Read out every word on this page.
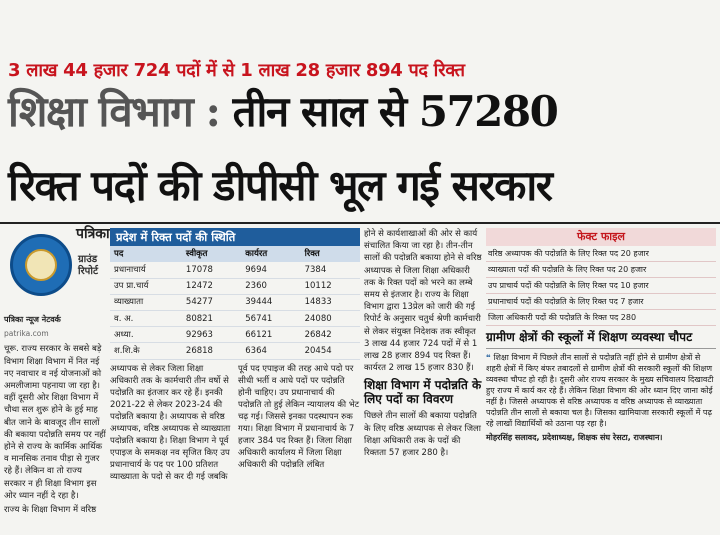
3 लाख 44 हजार 724 पदों में से 1 लाख 28 हजार 894 पद रिक्त
शिक्षा विभाग : तीन साल से 57280
रिक्त पदों की डीपीसी भूल गई सरकार
पत्रिका
ग्राउंड
रिपोर्ट
पत्रिका न्यूज नेटवर्क
patrika.com
चूरू. राज्य सरकार के सबसे बड़े विभाग शिक्षा विभाग में नित नई नए नवाचार व नई योजनाओं को अमलीजामा पहनाया जा रहा है। वहीं दूसरी ओर शिक्षा विभाग में चौथा सल शुरू होने के हुई माह बीत जाने के बावजूद तीन सालों की बकाया पदोन्नति समय पर नहीं होने से राज्य के कार्मिक आर्थिक व मानसिक तनाव पीड़ा से गुजर रहे हैं। लेकिन वा तो राज्य सरकार न ही शिक्षा विभाग इस ओर ध्यान नहीं दे रहा है।
राज्य के शिक्षा विभाग में वरिष्ठ
प्रदेश में रिक्त पदों की स्थिति
पद	स्वीकृत	कार्यरत	रिक्त
प्रधानाचार्य	17078	9694	7384
उप प्रा.चार्य	12472	2360	10112
व्याख्याता	54277	39444	14833
व. अ.	80821	56741	24080
अध्या.	92963	66121	26842
श.शि.के	26818	6364	20454
अध्यापक से लेकर जिला शिक्षा अधिकारी तक के कार्मचारी तीन वर्षो से पदोन्नति का इंतजार कर रहे हैं। इनकी 2021-22 से लेकर 2023-24 की पदोन्नति बकाया है। अध्यापक से वरिष्ठ अध्यापक, वरिष्ठ अध्यापक से व्याख्याता पदोन्नति बकाया है। शिक्षा विभाग ने पूर्व एपाइज के समकक्ष नव सृजित किए उप प्रधानाचार्य के पद पर 100 प्रतिशत व्याख्याता के पदो से कर दी गई जबकि पूर्व पद एपाइज की तरह आधे पदो पर सीधी भर्ती व आधे पदों पर पदोन्नति होनी चाहिए। उप प्रधानाचार्य की पदोन्नति तो हुई लेकिन न्यायालय की भेट चढ़ गई। जिससे इनका पदस्थापन रुक गया। शिक्षा विभाग में प्रधानाचार्य के 7 हजार 384 पद रिक्त हैं। जिला शिक्षा अधिकारी कार्यालय में जिला शिक्षा अधिकारी की पदोन्नति लंबित
होने से कार्यशाखाओं की ओर से कार्य संचालित किया जा रहा है। तीन-तीन सालों की पदोन्नति बकाया होने से वरिष्ठ अध्यापक से जिला शिक्षा अधिकारी तक के रिक्त पदों को भरने का लम्बे समय से इंतजार है। राज्य के शिक्षा विभाग द्वारा 13प्रेल को जारी की गई रिपोर्ट के अनुसार चतुर्थ श्रेणी कार्मचारी से लेकर संयुक्त निदेशक तक स्वीकृत 3 लाख 44 हजार 724 पदों में से 1 लाख 28 हजार 894 पद रिक्त हैं। कार्यरत 2 लाख 15 हजार 830 हैं।
शिक्षा विभाग में पदोन्नति के लिए पदों का विवरण
पिछले तीन सालों की बकाया पदोन्नति के लिए वरिष्ठ अध्यापक से लेकर जिला शिक्षा अधिकारी तक के पदों की रिक्तता 57 हजार 280 है।
फेक्ट फाइल
वरिष्ठ अध्यापक की पदोन्नति के लिए रिक्त पद 20 हजार
व्याख्याता पदों की पदोन्नति के लिए रिक्त पद 20 हजार
उप प्राचार्य पदों की पदोन्नति के लिए रिक्त पद 10 हजार
प्रधानाचार्य पदों की पदोन्नति के लिए रिक्त पद 7 हजार
जिला अधिकारी पदों की पदोन्नति के रिक्त पद 280
ग्रामीण क्षेत्रों की स्कूलों में शिक्षण व्यवस्था चौपट
❝ शिक्षा विभाग में पिछले तीन सालों से पदोन्नति नहीं होने से ग्रामीण क्षेत्रों से शहरी क्षेत्रों में किए बंफर तबादलों से ग्रामीण क्षेत्रों की सरकारी स्कूलों की शिक्षण व्यवस्था चौपट हो रही है। दूसरी ओर राज्य सरकार के मुख्य सचिवालय दिखावटी हुए राज्य में कार्य कर रहे हैं। लेकिन शिक्षा विभाग की ओर ध्यान दिए जाना कोई नहीं है। जिससे अध्यापक से वरिष्ठ अध्यापक व वरिष्ठ अध्यापक से व्याख्याता पदोन्नति तीन सालों से बकाया चल है। जिसका खामियाजा सरकारी स्कूलों में पढ़ रहे लाखों विद्यार्थियों को उठाना पड़ रहा है।
मोहरसिंह सलावद, प्रदेशाध्यक्ष, शिक्षक संघ रेसटा, राजस्थान।
